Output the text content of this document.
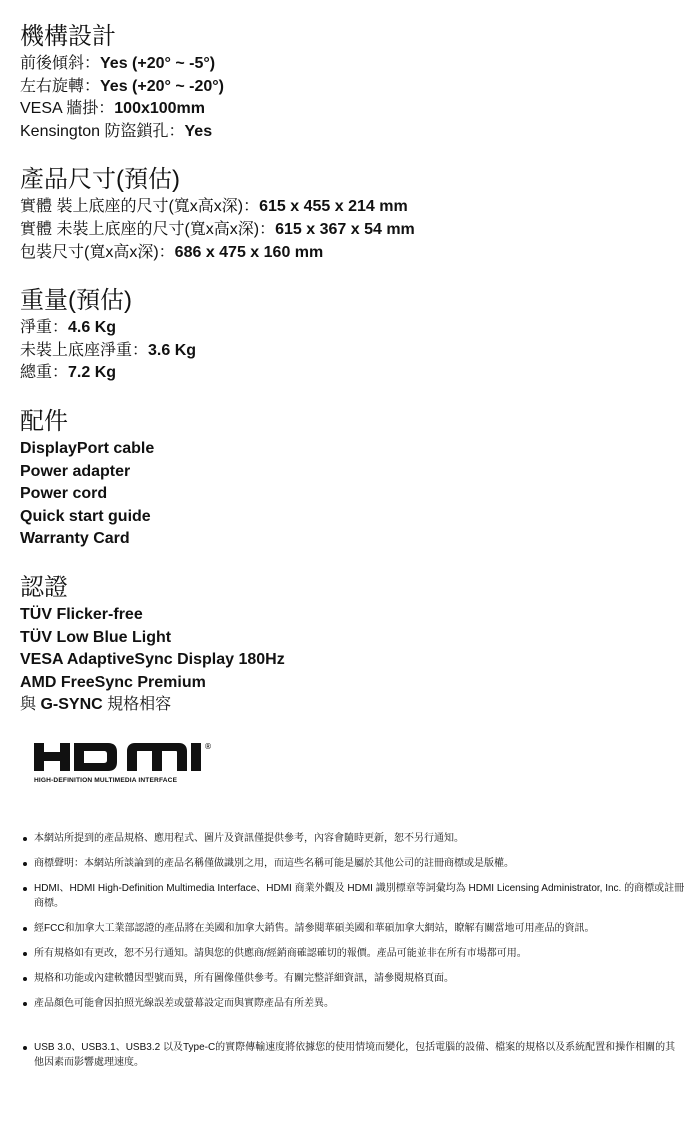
機構設計
前後傾斜：Yes (+20° ~ -5°)
左右旋轉：Yes (+20° ~ -20°)
VESA 牆掛：100x100mm
Kensington 防盜鎖孔：Yes
產品尺寸(預估)
實體 裝上底座的尺寸(寬x高x深)：615 x 455 x 214 mm
實體 未裝上底座的尺寸(寬x高x深)：615 x 367 x 54 mm
包裝尺寸(寬x高x深)：686 x 475 x 160 mm
重量(預估)
淨重：4.6 Kg
未裝上底座淨重：3.6 Kg
總重：7.2 Kg
配件
DisplayPort cable
Power adapter
Power cord
Quick start guide
Warranty Card
認證
TÜV Flicker-free
TÜV Low Blue Light
VESA AdaptiveSync Display 180Hz
AMD FreeSync Premium
與 G-SYNC 規格相容
®
HIGH-DEFINITION MULTIMEDIA INTERFACE
本網站所提到的產品規格、應用程式、圖片及資訊僅提供參考，內容會隨時更新，恕不另行通知。
商標聲明：本網站所談論到的產品名稱僅做識別之用，而這些名稱可能是屬於其他公司的註冊商標或是版權。
HDMI、HDMI High-Definition Multimedia Interface、HDMI 商業外觀及 HDMI 識別標章等詞彙均為 HDMI Licensing Administrator, Inc. 的商標或註冊商標。
經FCC和加拿大工業部認證的產品將在美國和加拿大銷售。請參閱華碩美國和華碩加拿大網站，瞭解有關當地可用產品的資訊。
所有規格如有更改，恕不另行通知。請與您的供應商/經銷商確認確切的報價。產品可能並非在所有市場都可用。
規格和功能或內建軟體因型號而異，所有圖像僅供參考。有關完整詳細資訊，請參閱規格頁面。
產品顏色可能會因拍照光線誤差或螢幕設定而與實際產品有所差異。
USB 3.0、USB3.1、USB3.2 以及Type-C的實際傳輸速度將依據您的使用情境而變化，包括電腦的設備、檔案的規格以及系統配置和操作相關的其他因素而影響處理速度。
